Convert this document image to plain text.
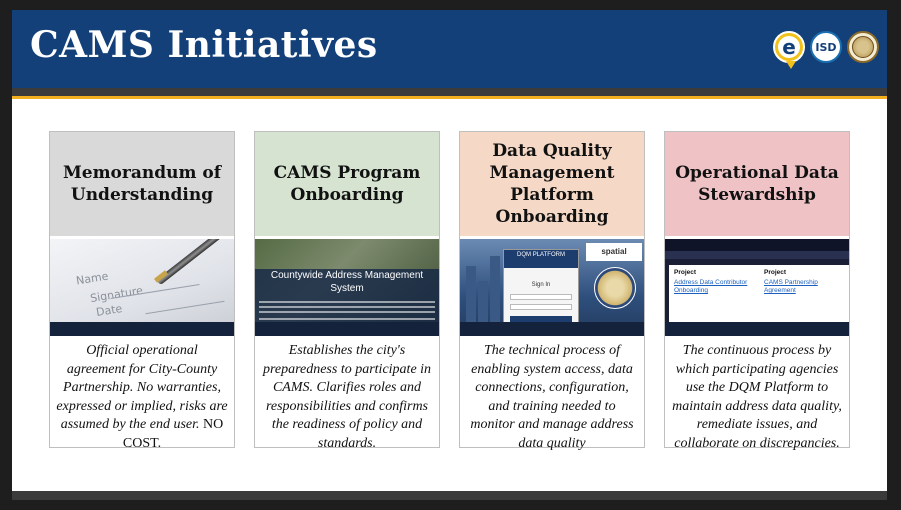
CAMS Initiatives	e	ISD
Memorandum of Understanding
Name
Signature
Date
Official operational agreement for City-County Partnership. No warranties, expressed or implied, risks are assumed by the end user. NO COST.
CAMS Program Onboarding
Countywide Address Management System
Establishes the city's preparedness to participate in CAMS. Clarifies roles and responsibilities and confirms the readiness of policy and standards.
Data Quality Management Platform Onboarding
DQM PLATFORM
Sign In
spatial
The technical process of enabling system access, data connections, configuration, and training needed to monitor and manage address data quality
Operational Data Stewardship
Project
Address Data Contributor Onboarding
Project
CAMS Partnership Agreement
The continuous process by which participating agencies use the DQM Platform to maintain address data quality, remediate issues, and collaborate on discrepancies.
